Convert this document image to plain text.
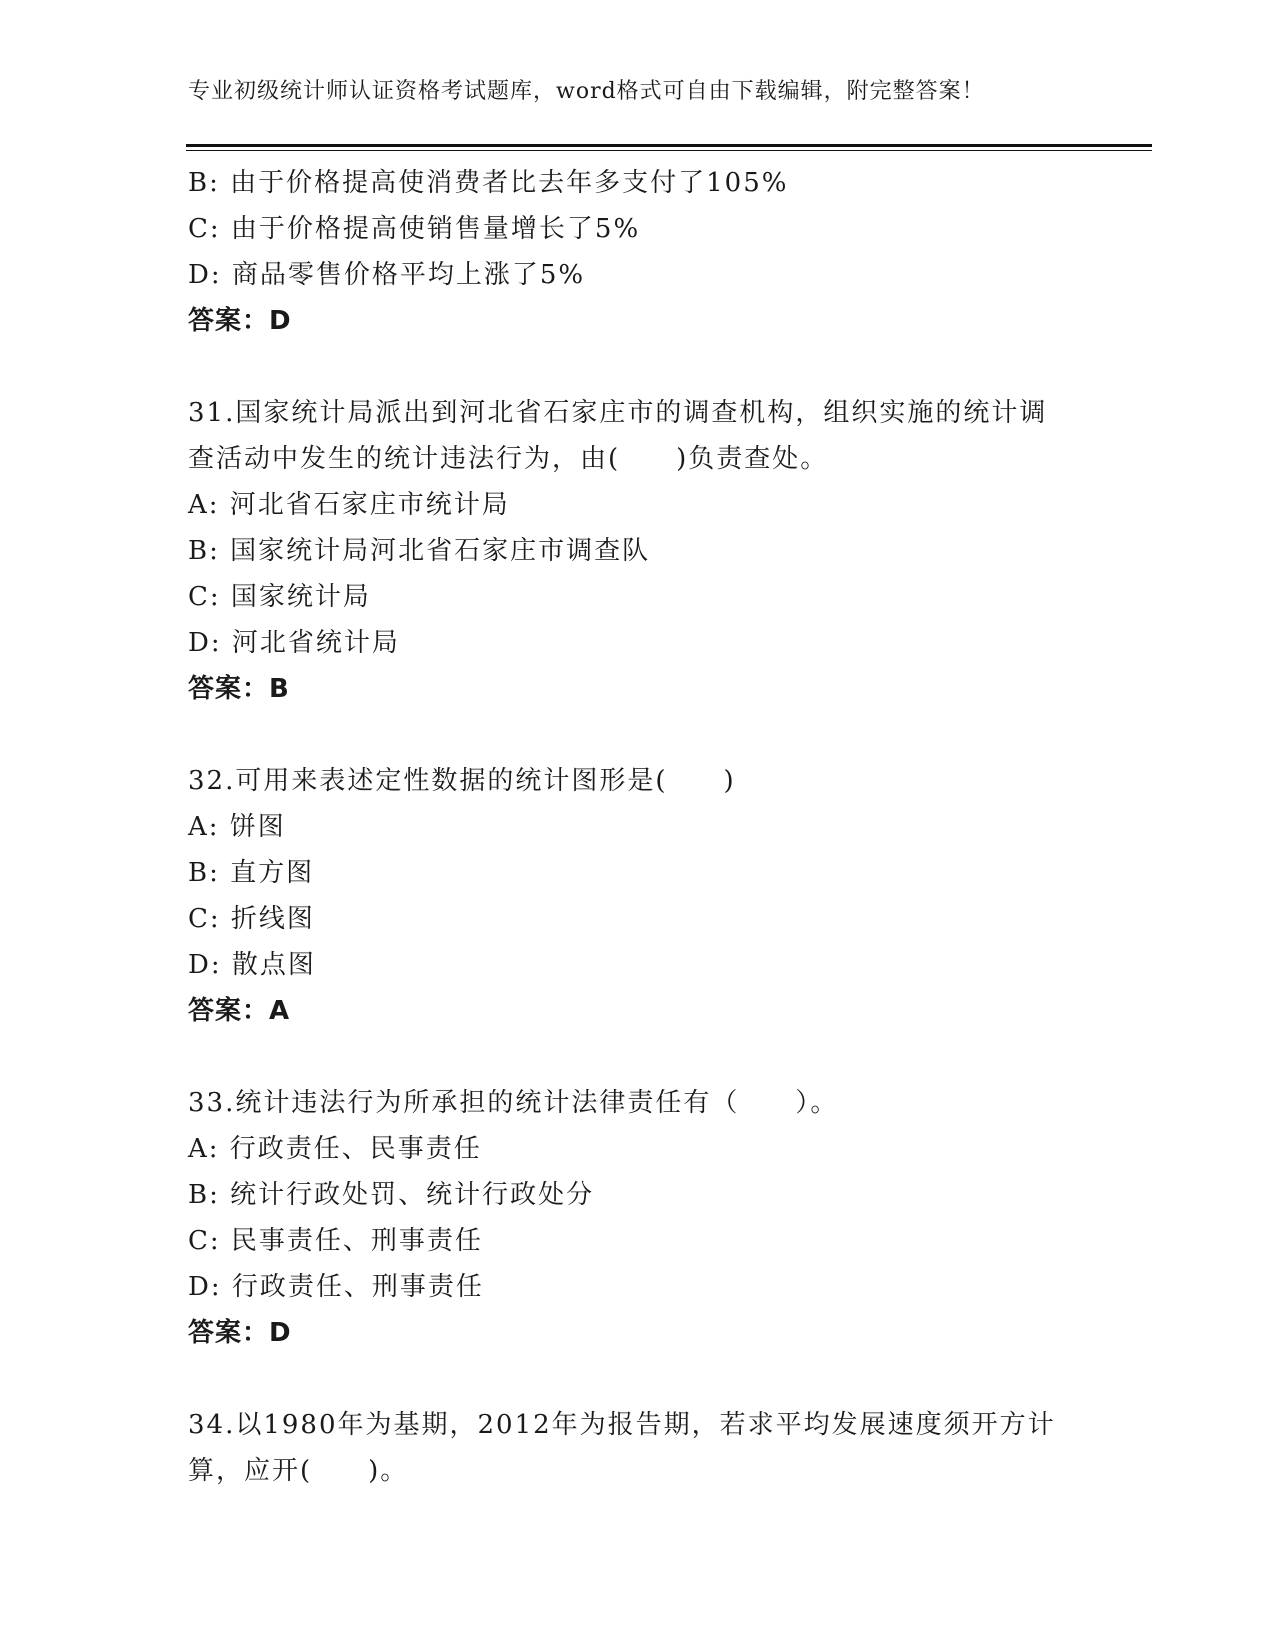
专业初级统计师认证资格考试题库，word格式可自由下载编辑，附完整答案！
B: 由于价格提高使消费者比去年多支付了105%
C: 由于价格提高使销售量增长了5%
D: 商品零售价格平均上涨了5%
答案：D
31.国家统计局派出到河北省石家庄市的调查机构，组织实施的统计调
查活动中发生的统计违法行为，由(　　)负责查处。
A: 河北省石家庄市统计局
B: 国家统计局河北省石家庄市调查队
C: 国家统计局
D: 河北省统计局
答案：B
32.可用来表述定性数据的统计图形是(　　)
A: 饼图
B: 直方图
C: 折线图
D: 散点图
答案：A
33.统计违法行为所承担的统计法律责任有（　　）。
A: 行政责任、民事责任
B: 统计行政处罚、统计行政处分
C: 民事责任、刑事责任
D: 行政责任、刑事责任
答案：D
34.以1980年为基期，2012年为报告期，若求平均发展速度须开方计
算，应开(　　)。
